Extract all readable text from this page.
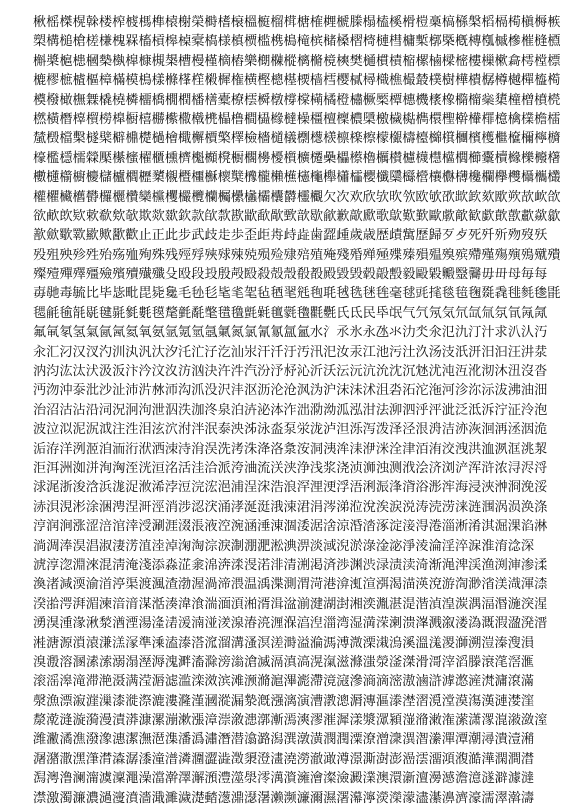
楸榣榤榥榦楼榨榩榪榫榬榭榮榯榰榱榲榳榴榵榶榷榸榹榺榻榼榽榾榿槀槁槂槃槄槅槆槇槈槉
槊構槌槍槎槏槐槑槒槓槔槕槖槗様槙槚槛槜槝槞槟槠槡槢槣槤槥槦槧槨槩槪槫槬槭槮槯槰槱
槲槳槴槵槶槷槸槹槺槻槼槽槾槿樀樁樂樃樄樅樆樇樈樉樊樋樌樍樎樏樐樑樒樓樔樕樖樗樘標
樚樛樜樝樞樟樠模樢樣樤樥樦樧樨権横樫樬樭樮樯樰樱樲樳樴樵樶樷樸樹樺樻樼樽樾樿橀橁
橂橃橄橅橆橇橈橉橊橋橌橍橎橏橐橑橒橓橔橕橖橗橘橙橚橛橜橝橞機橠橡橢橣橤橥橦橧橨橩
橪橫橬橭橮橯橰橱橲橳橴橵橶橷橸橹橺橻橼橽橾橿檀檁檂檃檄檅檆檇檈檉檊檋檌檍檎檏檐檑
檒檓檔檕檖檗檘檙檚檛檜檝檞檟檠檡檢檣檤檥檦檧檨檩檪檫檬檭檮檯檰檱檲檳檴檵檶檷檸檹
檺檻檼檽檾檿櫀櫁櫂櫃櫄櫅櫆櫇櫈櫉櫊櫋櫌櫍櫎櫏櫐櫑櫒櫓櫔櫕櫖櫗櫘櫙櫚櫛櫜櫝櫞櫟櫠櫡
櫢櫣櫤櫥櫦櫧櫨櫩櫪櫫櫬櫭櫮櫯櫰櫱櫲櫳櫴櫵櫶櫷櫸櫹櫺櫻櫼櫽櫾櫿欀欁欂欃欄欅欆欇欈欉
權欋欌欍欎欏欐欑欒欓欔欕欖欗欘欙欚欛欜欝欞欟欠次欢欣欤欥欦欧欨欩欪欫欬欭欮欯欰欱
欲欳欴欵欶欷欸欹欺欻欼欽款欿歀歁歂歃歄歅歆歇歈歉歊歋歌歍歎歏歐歑歒歓歔歕歖歗歘歙
歚歛歜歝歞歟歠歡止正此步武歧歨歩歪歫歬歭歮歯歰歱歲歳歴歵歶歷歸歹歺死歼歽歾歿殀
殁殂殃殄殅殆殇殈殉殊残殌殍殎殏殐殑殒殓殔殕殖殗殘殙殚殛殜殝殞殟殠殡殢殣殤殥殦殧殨
殩殪殫殬殭殮殯殰殱殲殳殴段殶殷殸殹殺殻殼殽殾殿毀毁毂毃毄毅毆毇毈毉毊毋毌母毎每
毐毑毒毓比毕毖毗毘毙毚毛毜毝毞毟毠毡毢毣毤毥毦毧毨毩毪毫毬毭毮毯毰毱毲毳毴毵毶毷
毸毹毺毻毼毽毾毿氀氁氂氃氄氅氆氇氈氉氊氋氌氍氎氏氐民氒氓气氕氖気氘氙氚氛氜氝氞
氟氠氡氢氣氤氥氦氧氨氩氪氫氬氭氮氯氰氱氲氳水氵氶氷永氹氺氻氼氽氾氿汀汁求汃汄汅
汆汇汈汉汊汋汌汍汎汏汐汑汒汓汔汕汖汗汘汙汚汛汜汝汞江池污汢汣汤汥汦汧汨汩汪汫汬
汭汮汯汰汱汲汳汴汵汶汷汸汹決汻汼汽汾汿沀沁沂沃沄沅沆沇沈沉沊沋沌沍沎沏沐沑沒沓
沔沕沖沗沘沙沚沛沜沝沞沟沠没沢沣沤沥沦沧沨沩沪沫沬沭沮沯沰沱沲河沴沵沶沷沸油沺
治沼沽沾沿泀況泂泃泄泅泆泇泈泉泊泋泌泍泎泏泐泑泒泓泔法泖泗泘泙泚泛泜泝泞泟泠泡
波泣泤泥泦泧注泩泪泫泬泭泮泯泰泱泲泳泴泵泶泷泸泹泺泻泼泽泾泿洀洁洂洃洄洅洆洇洈
洉洊洋洌洍洎洏洐洑洒洓洔洕洖洗洘洙洚洛洜洝洞洟洠洡洢洣洤津洦洧洨洩洪洫洬洭洮洯
洰洱洲洳洴洵洶洷洸洹洺活洼洽派洿浀流浂浃浄浅浆浇浈浉浊测浌浍济浏浐浑浒浓浔浕浖
浗浘浙浚浛浜浝浞浟浠浡浢浣浤浥浦浧浨浩浪浫浬浭浮浯浰浱浲浳浴浵浶海浸浹浺浻浼浽
浾浿涀涁涂涃涄涅涆涇消涉涊涋涌涍涎涏涐涑涒涓涔涕涖涗涘涙涚涛涜涝涞涟涠涡涢涣涤
涥润涧涨涩涪涫涬涭涮涯涰涱液涳涴涵涶涷涸涹涺涻涼涽涾涿淀淁淂淃淄淅淆淇淈淉淊淋
淌淍淎淏淐淑淒淓淔淕淖淗淘淙淚淛淜淝淞淟淠淡淢淣淤淥淦淧淨淩淪淫淬淭淮淯淰深
淲淳淴淵淶混淸淹淺添淼淽淾淿渀渁渂渃渄清渆渇済渉渊渋渌渍渎渏渐渑渒渓渔渕渖渗渘
渙渚減渜渝渞渟渠渡渢渣渤渥渦渧渨温渪渫測渭渮港渰渱渲渳渴渵渶渷游渹渺渻渼渽渾渿
湀湁湂湃湄湅湆湇湈湉湊湋湌湍湎湏湐湑湒湓湔湕湖湗湘湙湚湛湜湝湞湟湠湡湢湣湤湥湦
湧湨湩湪湫湬湭湮湯湰湱湲湳湴湵湶湷湸湹湺湻湼湽湾湿満溁溂溃溄溅溆溇溈溉溊溋溌溍
溎溏源溑溒溓溔溕準溗溘溙溚溛溜溝溞溟溠溡溢溣溤溥溦溧溨溩溪溫溬溭溮溯溰溱溲溳
溴溵溶溷溸溹溺溻溼溽溾溿滀滁滂滃滄滅滆滇滈滉滊滋滌滍滎滏滐滑滒滓滔滕滖滗滘滙
滚滛滜滝滞滟滠满滢滣滤滥滦滧滨滩滪滫滬滭滮滯滰滱滲滳滴滵滶滷滸滹滺滻滼滽滾滿
漀漁漂漃漄漅漆漇漈漉漊漋漌漍漎漏漐漑漒漓演漕漖漗漘漙漚漛漜漝漞漟漠漡漢漣漤漥
漦漧漨漩漪漫漬漭漮漯漰漱漲漳漴漵漶漷漸漹漺漻漼漽漾漿潀潁潂潃潄潅潆潇潈潉潊潋潌
潍潎潏潐潑潒潓潔潕潖潗潘潙潚潛潜潝潞潟潠潡潢潣潤潥潦潧潨潩潪潫潬潭潮潯潰潱潲
潳潴潵潶潷潸潹潺潻潼潽潾潿澀澁澂澃澄澅澆澇澈澉澊澋澌澍澎澏澐澑澒澓澔澕澖澗澘
澙澚澛澜澝澞澟澠澡澢澣澤澥澦澧澨澩澪澫澬澭澮澯澰澱澲澳澴澵澶澷澸澹澺澻澼澽澾
澿激濁濂濃濄濅濆濇濈濉濊濋濌濍濎濏濐濑濒濓濔濕濖濗濘濙濚濛濜濝濞濟濠濡濢濣濤
